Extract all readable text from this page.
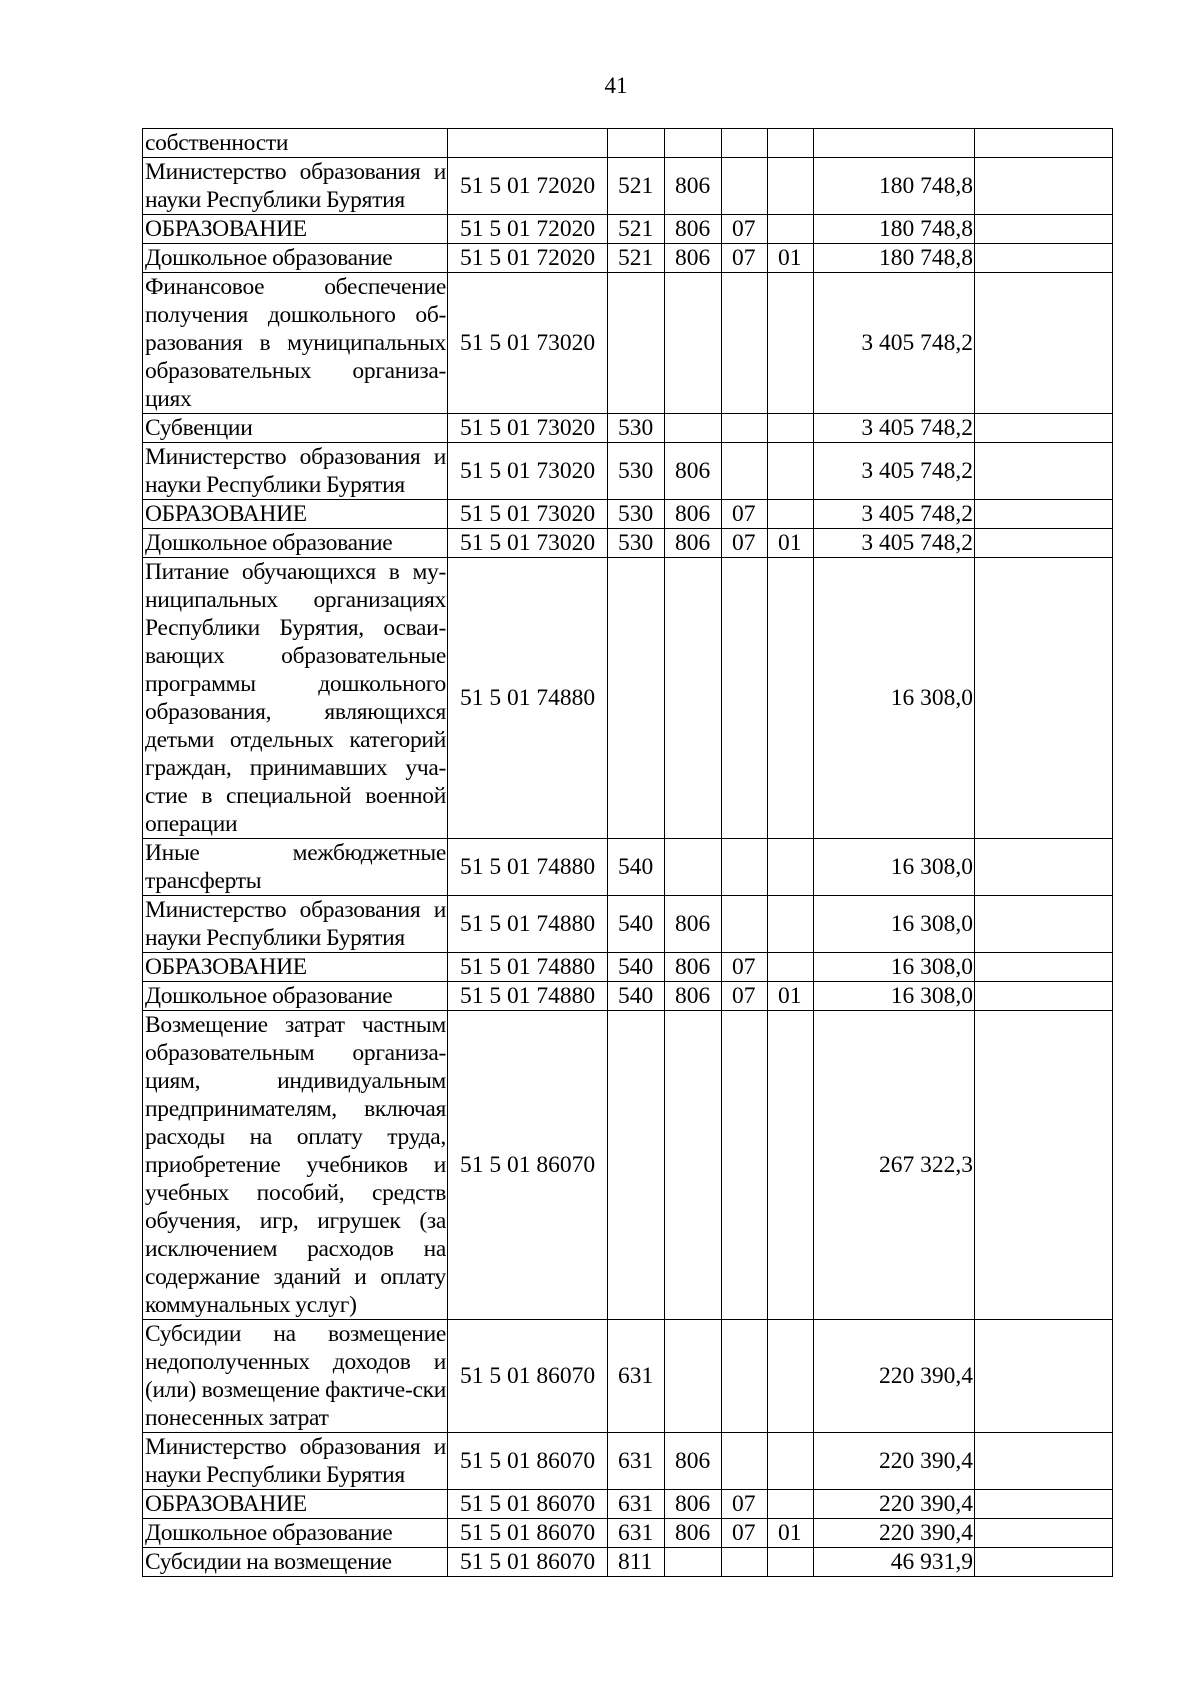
41
собственности							
Министерство образования и науки Республики Бурятия	51 5 01 72020	521	806			180 748,8	
ОБРАЗОВАНИЕ	51 5 01 72020	521	806	07		180 748,8	
Дошкольное образование	51 5 01 72020	521	806	07	01	180 748,8	
Финансовое обеспечение получения дошкольного об-разования в муниципальных образовательных организа-циях	51 5 01 73020					3 405 748,2	
Субвенции	51 5 01 73020	530				3 405 748,2	
Министерство образования и науки Республики Бурятия	51 5 01 73020	530	806			3 405 748,2	
ОБРАЗОВАНИЕ	51 5 01 73020	530	806	07		3 405 748,2	
Дошкольное образование	51 5 01 73020	530	806	07	01	3 405 748,2	
Питание обучающихся в му-ниципальных организациях Республики Бурятия, осваи-вающих образовательные программы дошкольного образования, являющихся детьми отдельных категорий граждан, принимавших уча-стие в специальной военной операции	51 5 01 74880					16 308,0	
Иные межбюджетные трансферты	51 5 01 74880	540				16 308,0	
Министерство образования и науки Республики Бурятия	51 5 01 74880	540	806			16 308,0	
ОБРАЗОВАНИЕ	51 5 01 74880	540	806	07		16 308,0	
Дошкольное образование	51 5 01 74880	540	806	07	01	16 308,0	
Возмещение затрат частным образовательным организа-циям, индивидуальным предпринимателям, включая расходы на оплату труда, приобретение учебников и учебных пособий, средств обучения, игр, игрушек (за исключением расходов на содержание зданий и оплату коммунальных услуг)	51 5 01 86070					267 322,3	
Субсидии на возмещение недополученных доходов и (или) возмещение фактиче-ски понесенных затрат	51 5 01 86070	631				220 390,4	
Министерство образования и науки Республики Бурятия	51 5 01 86070	631	806			220 390,4	
ОБРАЗОВАНИЕ	51 5 01 86070	631	806	07		220 390,4	
Дошкольное образование	51 5 01 86070	631	806	07	01	220 390,4	
Субсидии на возмещение	51 5 01 86070	811				46 931,9	
